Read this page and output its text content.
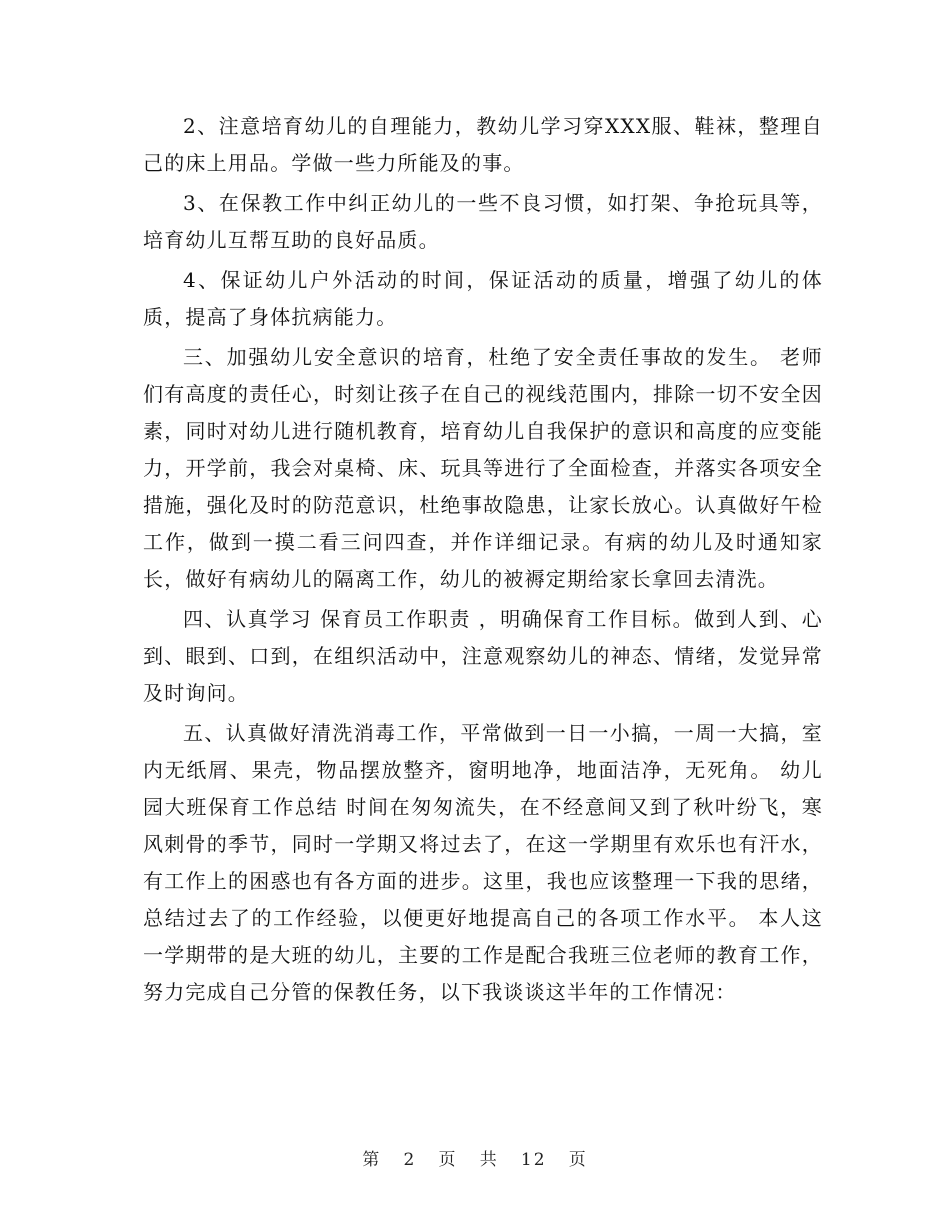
2、注意培育幼儿的自理能力，教幼儿学习穿XXX服、鞋袜，整理自己的床上用品。学做一些力所能及的事。

3、在保教工作中纠正幼儿的一些不良习惯，如打架、争抢玩具等，培育幼儿互帮互助的良好品质。

4、保证幼儿户外活动的时间，保证活动的质量，增强了幼儿的体质，提高了身体抗病能力。

三、加强幼儿安全意识的培育，杜绝了安全责任事故的发生。 老师们有高度的责任心，时刻让孩子在自己的视线范围内，排除一切不安全因素，同时对幼儿进行随机教育，培育幼儿自我保护的意识和高度的应变能力，开学前，我会对桌椅、床、玩具等进行了全面检查，并落实各项安全措施，强化及时的防范意识，杜绝事故隐患，让家长放心。认真做好午检工作，做到一摸二看三问四查，并作详细记录。有病的幼儿及时通知家长，做好有病幼儿的隔离工作，幼儿的被褥定期给家长拿回去清洗。

四、认真学习 保育员工作职责 ，明确保育工作目标。做到人到、心到、眼到、口到，在组织活动中，注意观察幼儿的神态、情绪，发觉异常及时询问。

五、认真做好清洗消毒工作，平常做到一日一小搞，一周一大搞，室内无纸屑、果壳，物品摆放整齐，窗明地净，地面洁净，无死角。 幼儿园大班保育工作总结 时间在匆匆流失，在不经意间又到了秋叶纷飞，寒风刺骨的季节，同时一学期又将过去了，在这一学期里有欢乐也有汗水，有工作上的困惑也有各方面的进步。这里，我也应该整理一下我的思绪，总结过去了的工作经验，以便更好地提高自己的各项工作水平。 本人这一学期带的是大班的幼儿，主要的工作是配合我班三位老师的教育工作，努力完成自己分管的保教任务，以下我谈谈这半年的工作情况：

第 2 页 共 12 页
